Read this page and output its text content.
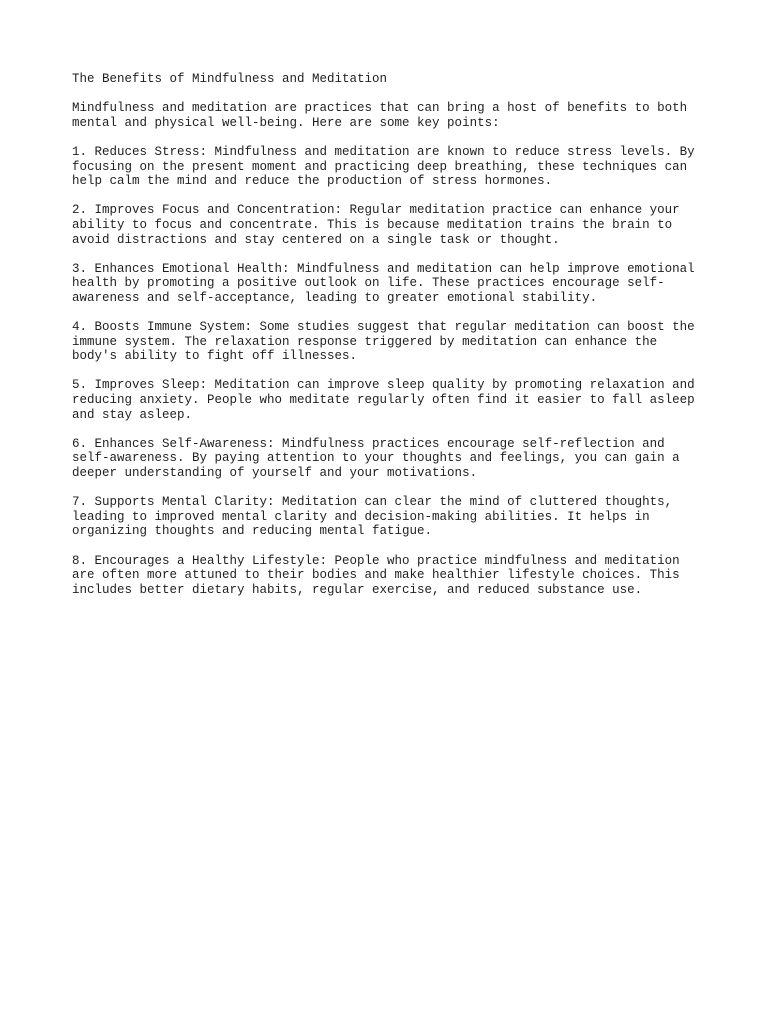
The Benefits of Mindfulness and Meditation
Mindfulness and meditation are practices that can bring a host of benefits to both
mental and physical well-being. Here are some key points:
1. Reduces Stress: Mindfulness and meditation are known to reduce stress levels. By
focusing on the present moment and practicing deep breathing, these techniques can
help calm the mind and reduce the production of stress hormones.
2. Improves Focus and Concentration: Regular meditation practice can enhance your
ability to focus and concentrate. This is because meditation trains the brain to
avoid distractions and stay centered on a single task or thought.
3. Enhances Emotional Health: Mindfulness and meditation can help improve emotional
health by promoting a positive outlook on life. These practices encourage self-
awareness and self-acceptance, leading to greater emotional stability.
4. Boosts Immune System: Some studies suggest that regular meditation can boost the
immune system. The relaxation response triggered by meditation can enhance the
body's ability to fight off illnesses.
5. Improves Sleep: Meditation can improve sleep quality by promoting relaxation and
reducing anxiety. People who meditate regularly often find it easier to fall asleep
and stay asleep.
6. Enhances Self-Awareness: Mindfulness practices encourage self-reflection and
self-awareness. By paying attention to your thoughts and feelings, you can gain a
deeper understanding of yourself and your motivations.
7. Supports Mental Clarity: Meditation can clear the mind of cluttered thoughts,
leading to improved mental clarity and decision-making abilities. It helps in
organizing thoughts and reducing mental fatigue.
8. Encourages a Healthy Lifestyle: People who practice mindfulness and meditation
are often more attuned to their bodies and make healthier lifestyle choices. This
includes better dietary habits, regular exercise, and reduced substance use.
